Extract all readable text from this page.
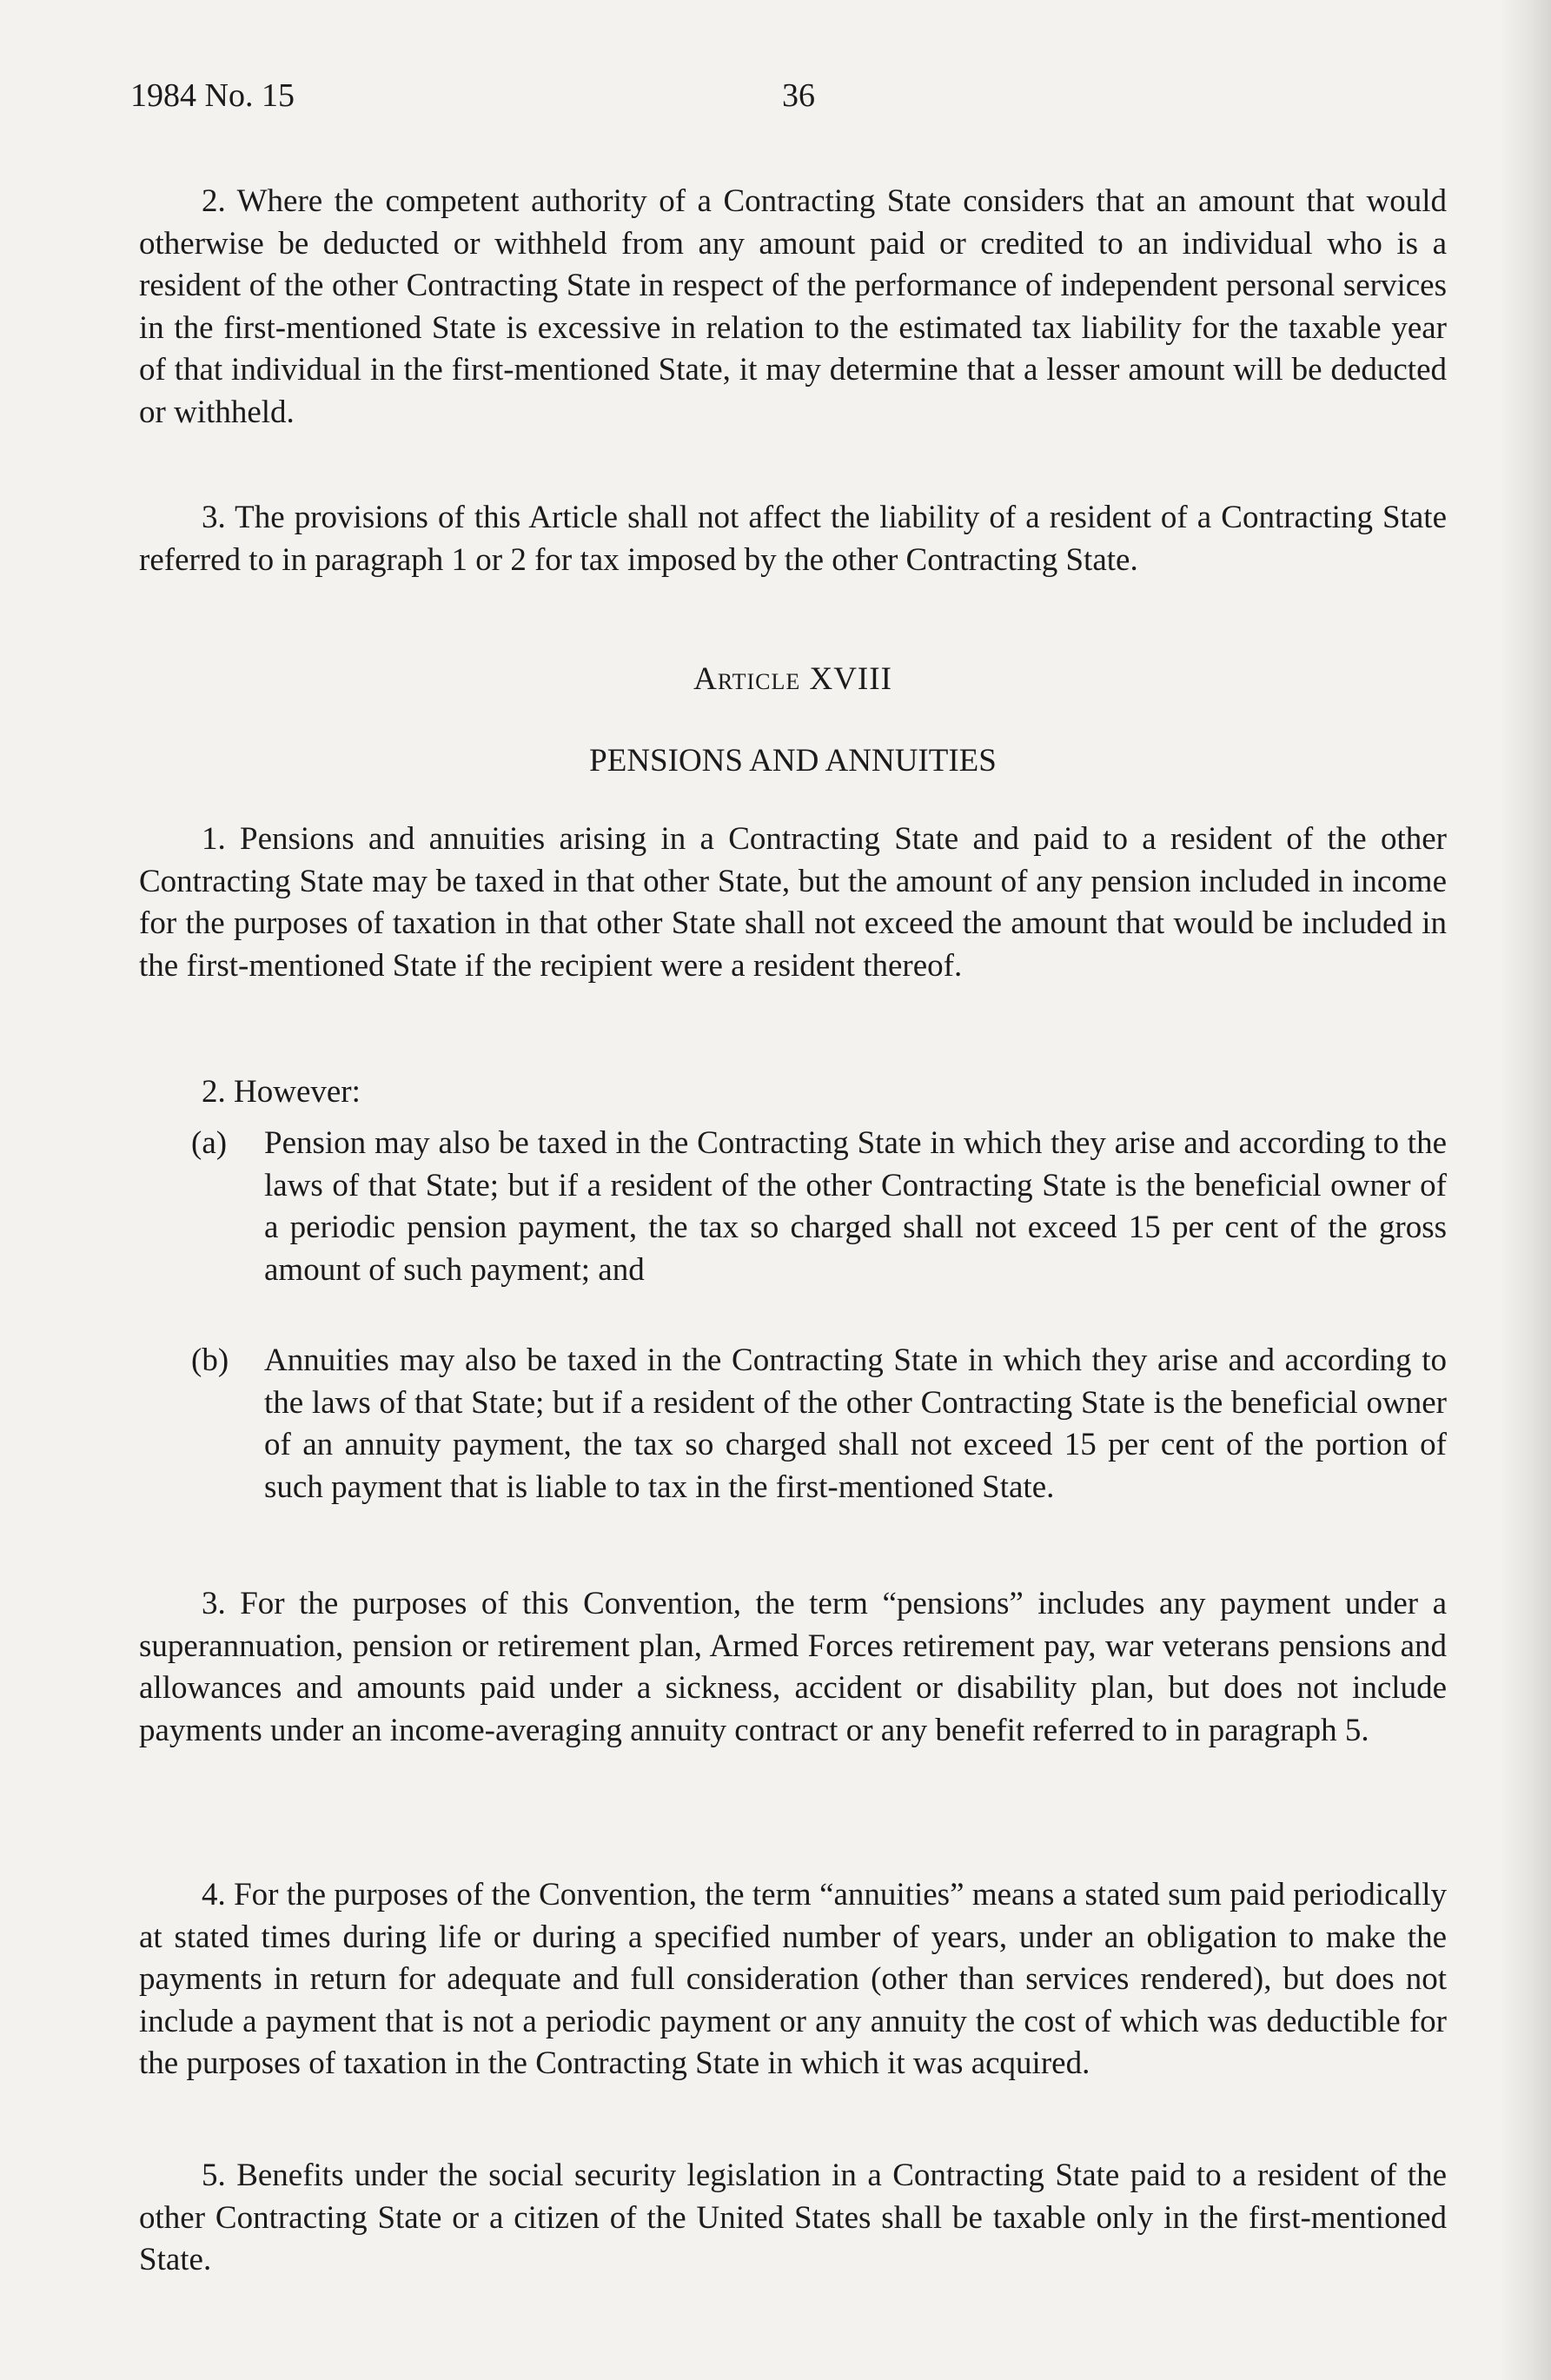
1984 No. 15	36

2. Where the competent authority of a Contracting State considers that an amount that would otherwise be deducted or withheld from any amount paid or credited to an individual who is a resident of the other Contracting State in respect of the performance of independent personal services in the first-mentioned State is excessive in relation to the estimated tax liability for the taxable year of that individual in the first-mentioned State, it may determine that a lesser amount will be deducted or withheld.

3. The provisions of this Article shall not affect the liability of a resident of a Contracting State referred to in paragraph 1 or 2 for tax imposed by the other Contracting State.

Article XVIII
PENSIONS AND ANNUITIES

1. Pensions and annuities arising in a Contracting State and paid to a resident of the other Contracting State may be taxed in that other State, but the amount of any pension included in income for the purposes of taxation in that other State shall not exceed the amount that would be included in the first-mentioned State if the recipient were a resident thereof.

2. However:

(a) Pension may also be taxed in the Contracting State in which they arise and according to the laws of that State; but if a resident of the other Contracting State is the beneficial owner of a periodic pension payment, the tax so charged shall not exceed 15 per cent of the gross amount of such payment; and
(b) Annuities may also be taxed in the Contracting State in which they arise and according to the laws of that State; but if a resident of the other Contracting State is the beneficial owner of an annuity payment, the tax so charged shall not exceed 15 per cent of the portion of such payment that is liable to tax in the first-mentioned State.

3. For the purposes of this Convention, the term “pensions” includes any payment under a superannuation, pension or retirement plan, Armed Forces retirement pay, war veterans pensions and allowances and amounts paid under a sickness, accident or disability plan, but does not include payments under an income-averaging annuity contract or any benefit referred to in paragraph 5.

4. For the purposes of the Convention, the term “annuities” means a stated sum paid periodically at stated times during life or during a specified number of years, under an obligation to make the payments in return for adequate and full consideration (other than services rendered), but does not include a payment that is not a periodic payment or any annuity the cost of which was deductible for the purposes of taxation in the Contracting State in which it was acquired.

5. Benefits under the social security legislation in a Contracting State paid to a resident of the other Contracting State or a citizen of the United States shall be taxable only in the first-mentioned State.
